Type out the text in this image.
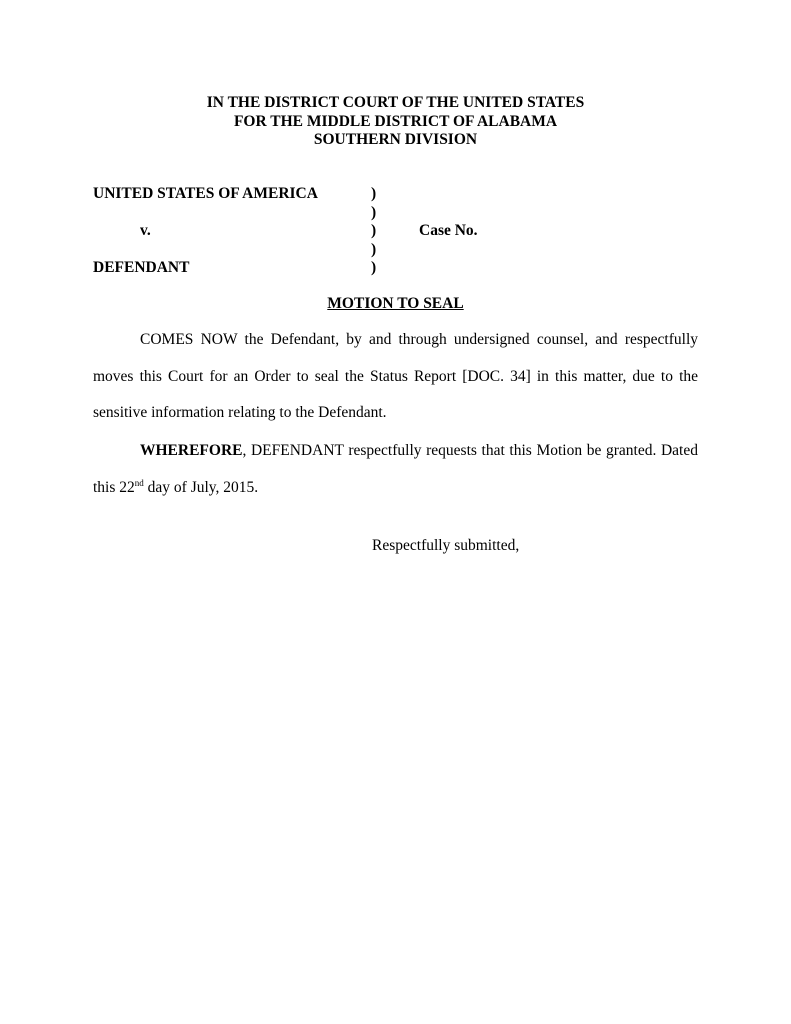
IN THE DISTRICT COURT OF THE UNITED STATES
FOR THE MIDDLE DISTRICT OF ALABAMA
SOUTHERN DIVISION
UNITED STATES OF AMERICA
v.
DEFENDANT
)
)
)
)
)
Case No.
MOTION TO SEAL
COMES NOW the Defendant, by and through undersigned counsel, and respectfully moves this Court for an Order to seal the Status Report [DOC. 34] in this matter, due to the sensitive information relating to the Defendant.
WHEREFORE, DEFENDANT respectfully requests that this Motion be granted. Dated this 22nd day of July, 2015.
Respectfully submitted,
